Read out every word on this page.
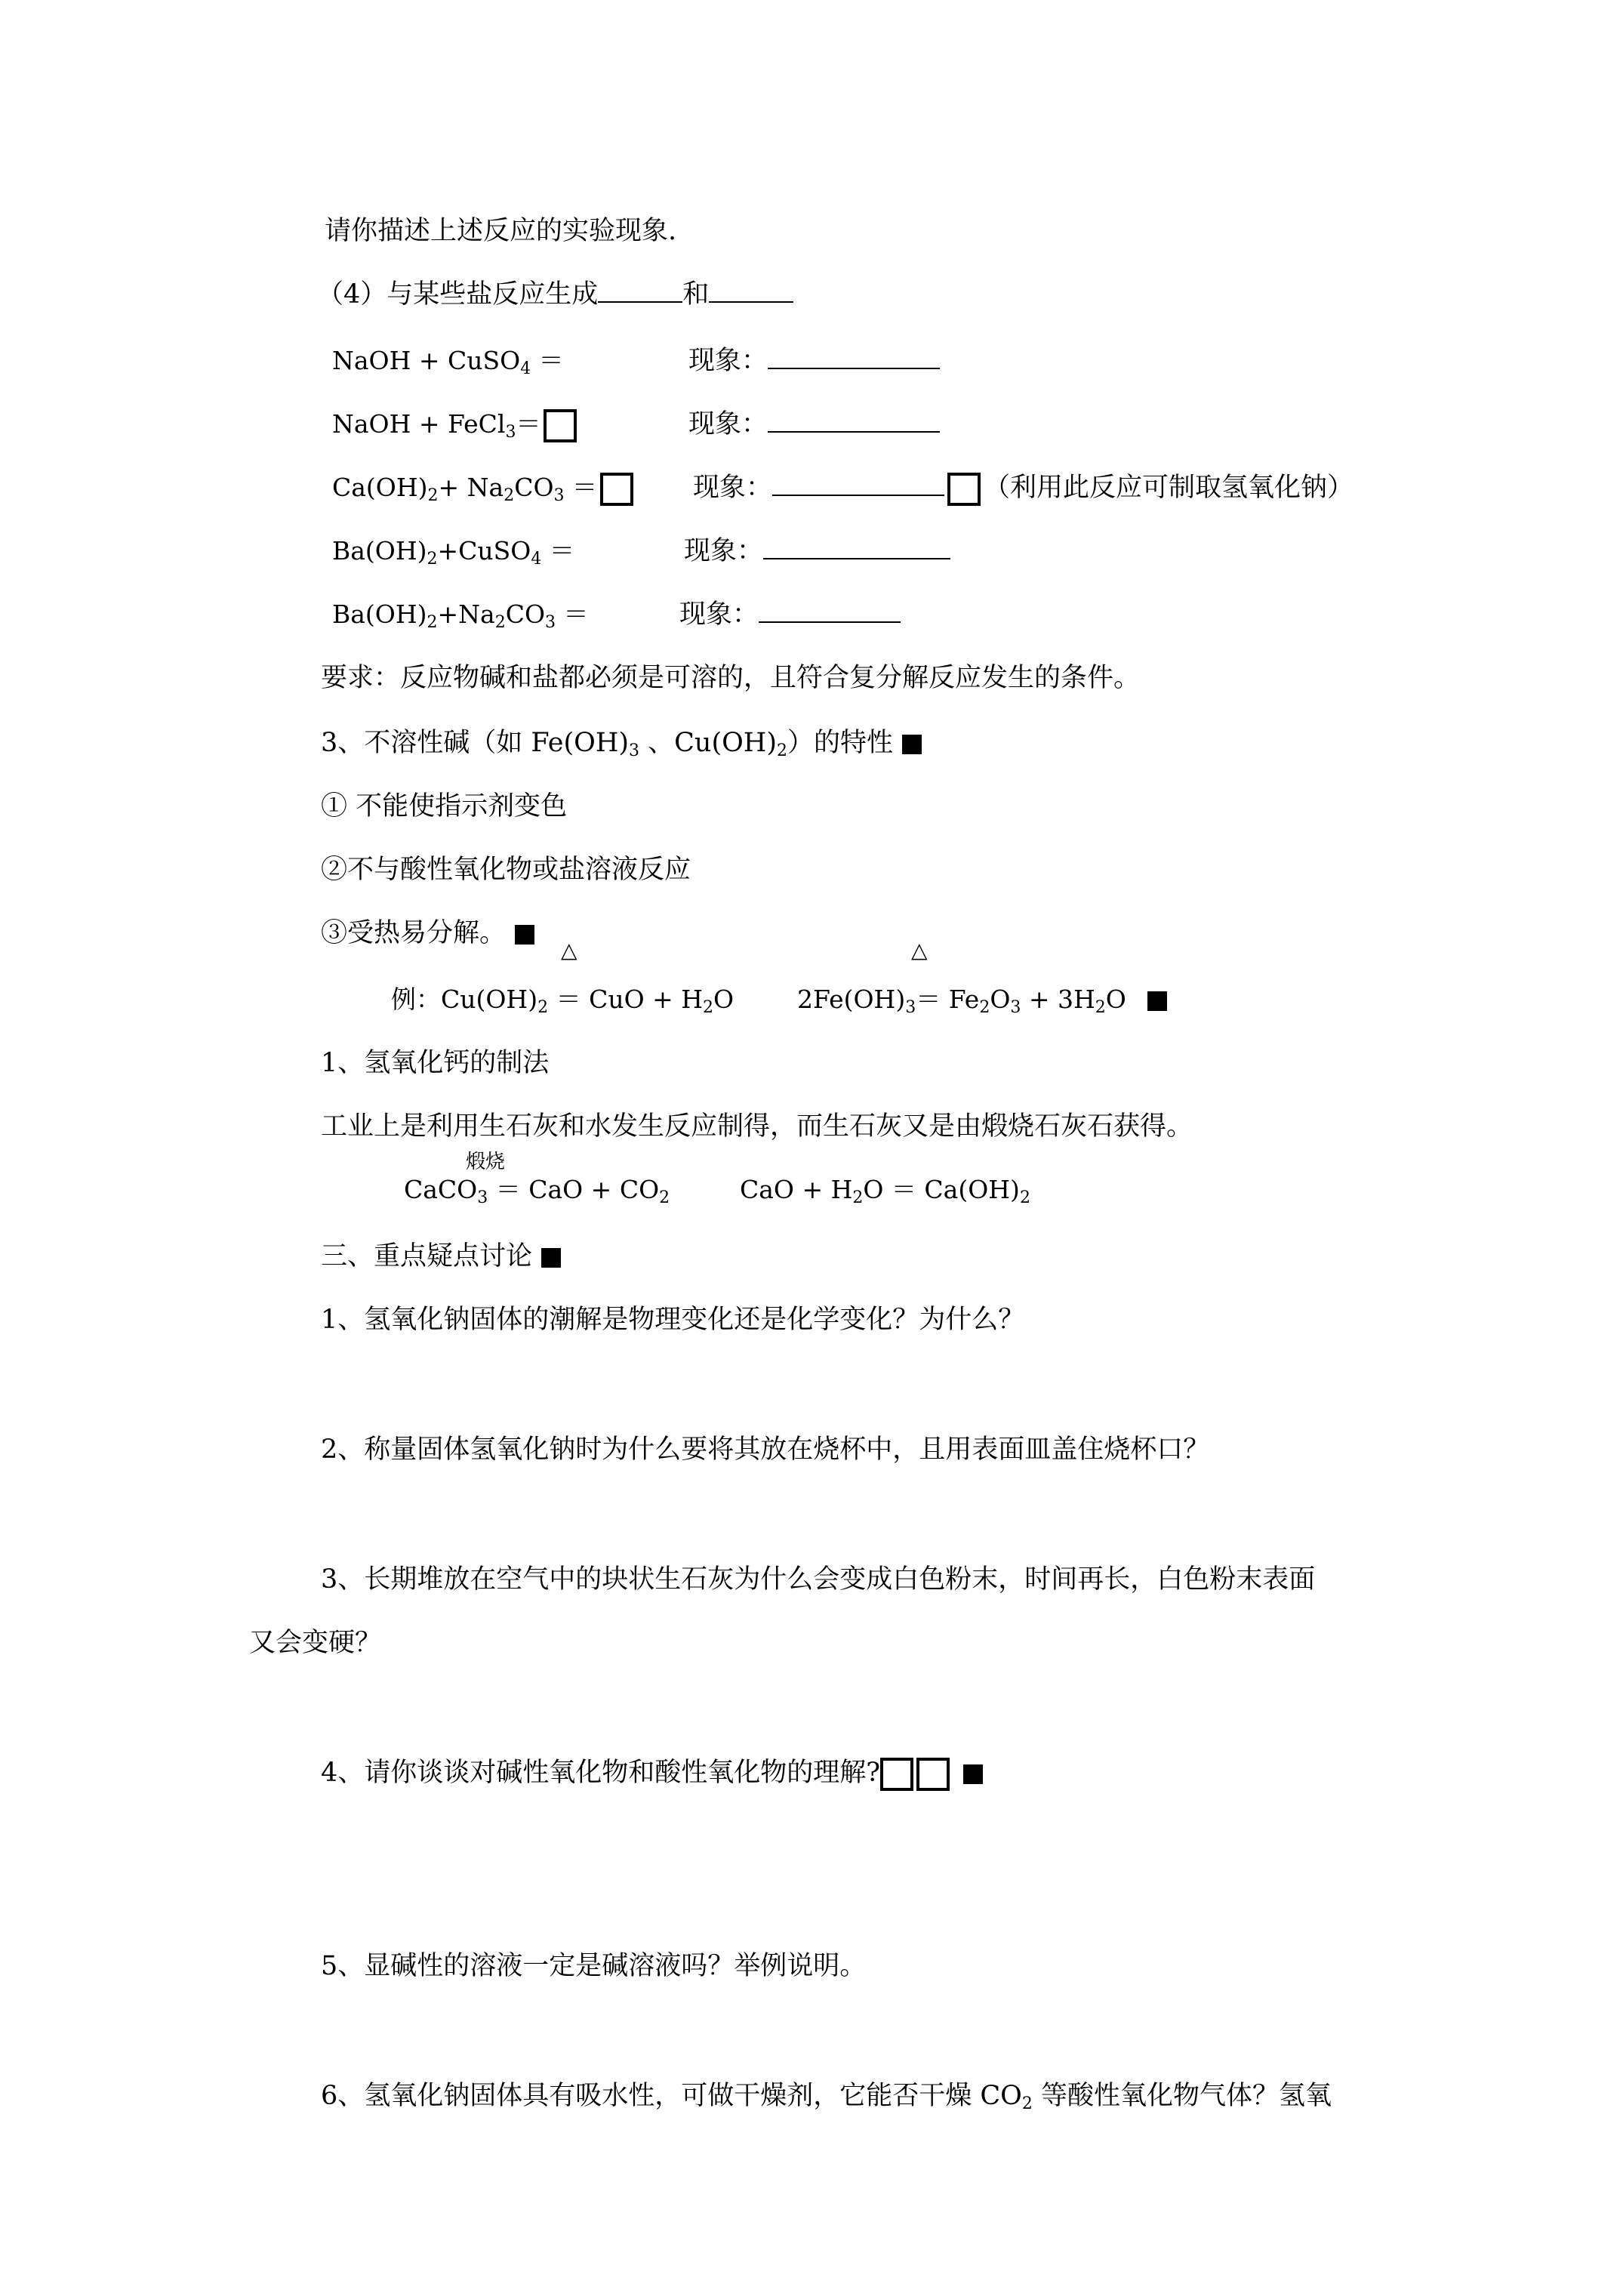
请你描述上述反应的实验现象.
（4）与某些盐反应生成	和
NaOH + CuSO$_4$ ＝	现象：
NaOH + FeCl$_3$＝	现象：
$Ca(OH)_2+ Na_2CO_3$ ＝	现象：	（利用此反应可制取氢氧化钠）
$Ba(OH)_2+CuSO_4$ ＝	现象：
$Ba(OH)_2+Na_2CO_3$ ＝	现象：
要求：反应物碱和盐都必须是可溶的，且符合复分解反应发生的条件。
3、不溶性碱（如 $Fe(OH)_3$ 、$Cu(OH)_2$）的特性
① 不能使指示剂变色
②不与酸性氧化物或盐溶液反应
③受热易分解。
△	△
例：$Cu(OH)_2$ ＝ CuO + $H_2O$	$2Fe(OH)_3= Fe_2O_3 + 3H_2O$
1、氢氧化钙的制法
工业上是利用生石灰和水发生反应制得，而生石灰又是由煅烧石灰石获得。
煅烧
CaCO$_3$ ＝ CaO + $CO_2$	CaO + $H_2O = Ca(OH)_2$
三、重点疑点讨论
1、氢氧化钠固体的潮解是物理变化还是化学变化？为什么？
2、称量固体氢氧化钠时为什么要将其放在烧杯中，且用表面皿盖住烧杯口？
3、长期堆放在空气中的块状生石灰为什么会变成白色粉末，时间再长，白色粉末表面
又会变硬？
4、请你谈谈对碱性氧化物和酸性氧化物的理解?
5、显碱性的溶液一定是碱溶液吗？举例说明。
6、氢氧化钠固体具有吸水性，可做干燥剂，它能否干燥 $CO_2$ 等酸性氧化物气体？氢氧
